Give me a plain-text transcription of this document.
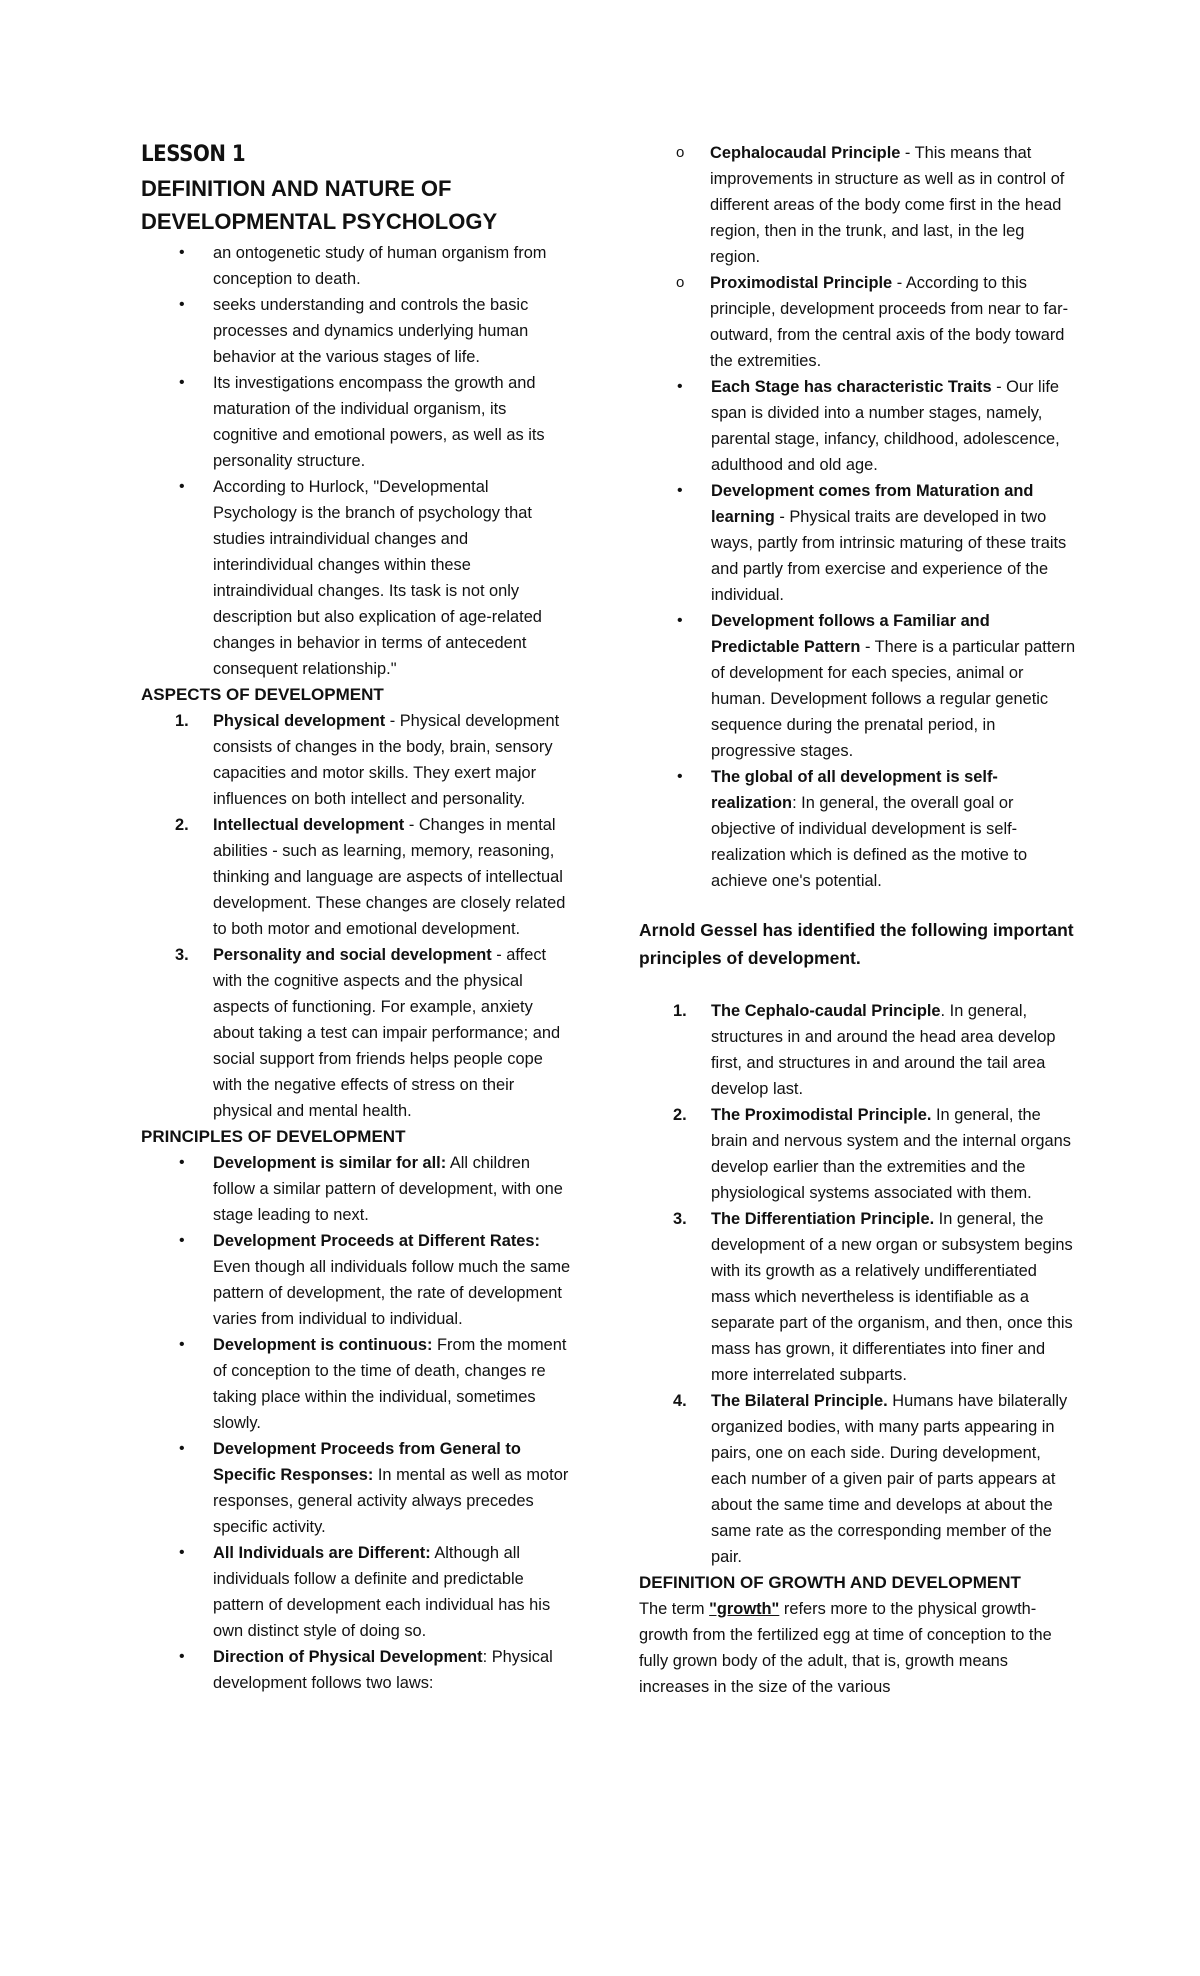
LESSON 1

DEFINITION AND NATURE OF

DEVELOPMENTAL PSYCHOLOGY

• an ontogenetic study of human organism from conception to death.
• seeks understanding and controls the basic processes and dynamics underlying human behavior at the various stages of life.
• Its investigations encompass the growth and maturation of the individual organism, its cognitive and emotional powers, as well as its personality structure.
• According to Hurlock, "Developmental Psychology is the branch of psychology that studies intraindividual changes and interindividual changes within these intraindividual changes. Its task is not only description but also explication of age-related changes in behavior in terms of antecedent consequent relationship."

ASPECTS OF DEVELOPMENT

1. Physical development - Physical development consists of changes in the body, brain, sensory capacities and motor skills. They exert major influences on both intellect and personality.
2. Intellectual development - Changes in mental abilities - such as learning, memory, reasoning, thinking and language are aspects of intellectual development. These changes are closely related to both motor and emotional development.
3. Personality and social development - affect with the cognitive aspects and the physical aspects of functioning. For example, anxiety about taking a test can impair performance; and social support from friends helps people cope with the negative effects of stress on their physical and mental health.

PRINCIPLES OF DEVELOPMENT

• Development is similar for all: All children follow a similar pattern of development, with one stage leading to next.
• Development Proceeds at Different Rates: Even though all individuals follow much the same pattern of development, the rate of development varies from individual to individual.
• Development is continuous: From the moment of conception to the time of death, changes re taking place within the individual, sometimes slowly.
• Development Proceeds from General to Specific Responses: In mental as well as motor responses, general activity always precedes specific activity.
• All Individuals are Different: Although all individuals follow a definite and predictable pattern of development each individual has his own distinct style of doing so.
• Direction of Physical Development: Physical development follows two laws:
o Cephalocaudal Principle - This means that improvements in structure as well as in control of different areas of the body come first in the head region, then in the trunk, and last, in the leg region.
o Proximodistal Principle - According to this principle, development proceeds from near to far-outward, from the central axis of the body toward the extremities.
• Each Stage has characteristic Traits - Our life span is divided into a number stages, namely, parental stage, infancy, childhood, adolescence, adulthood and old age.
• Development comes from Maturation and learning - Physical traits are developed in two ways, partly from intrinsic maturing of these traits and partly from exercise and experience of the individual.
• Development follows a Familiar and Predictable Pattern - There is a particular pattern of development for each species, animal or human. Development follows a regular genetic sequence during the prenatal period, in progressive stages.
• The global of all development is self-realization: In general, the overall goal or objective of individual development is self-realization which is defined as the motive to achieve one's potential.

Arnold Gessel has identified the following important principles of development.

1. The Cephalo-caudal Principle. In general, structures in and around the head area develop first, and structures in and around the tail area develop last.
2. The Proximodistal Principle. In general, the brain and nervous system and the internal organs develop earlier than the extremities and the physiological systems associated with them.
3. The Differentiation Principle. In general, the development of a new organ or subsystem begins with its growth as a relatively undifferentiated mass which nevertheless is identifiable as a separate part of the organism, and then, once this mass has grown, it differentiates into finer and more interrelated subparts.
4. The Bilateral Principle. Humans have bilaterally organized bodies, with many parts appearing in pairs, one on each side. During development, each number of a given pair of parts appears at about the same time and develops at about the same rate as the corresponding member of the pair.

DEFINITION OF GROWTH AND DEVELOPMENT

The term "growth" refers more to the physical growth- growth from the fertilized egg at time of conception to the fully grown body of the adult, that is, growth means increases in the size of the various
